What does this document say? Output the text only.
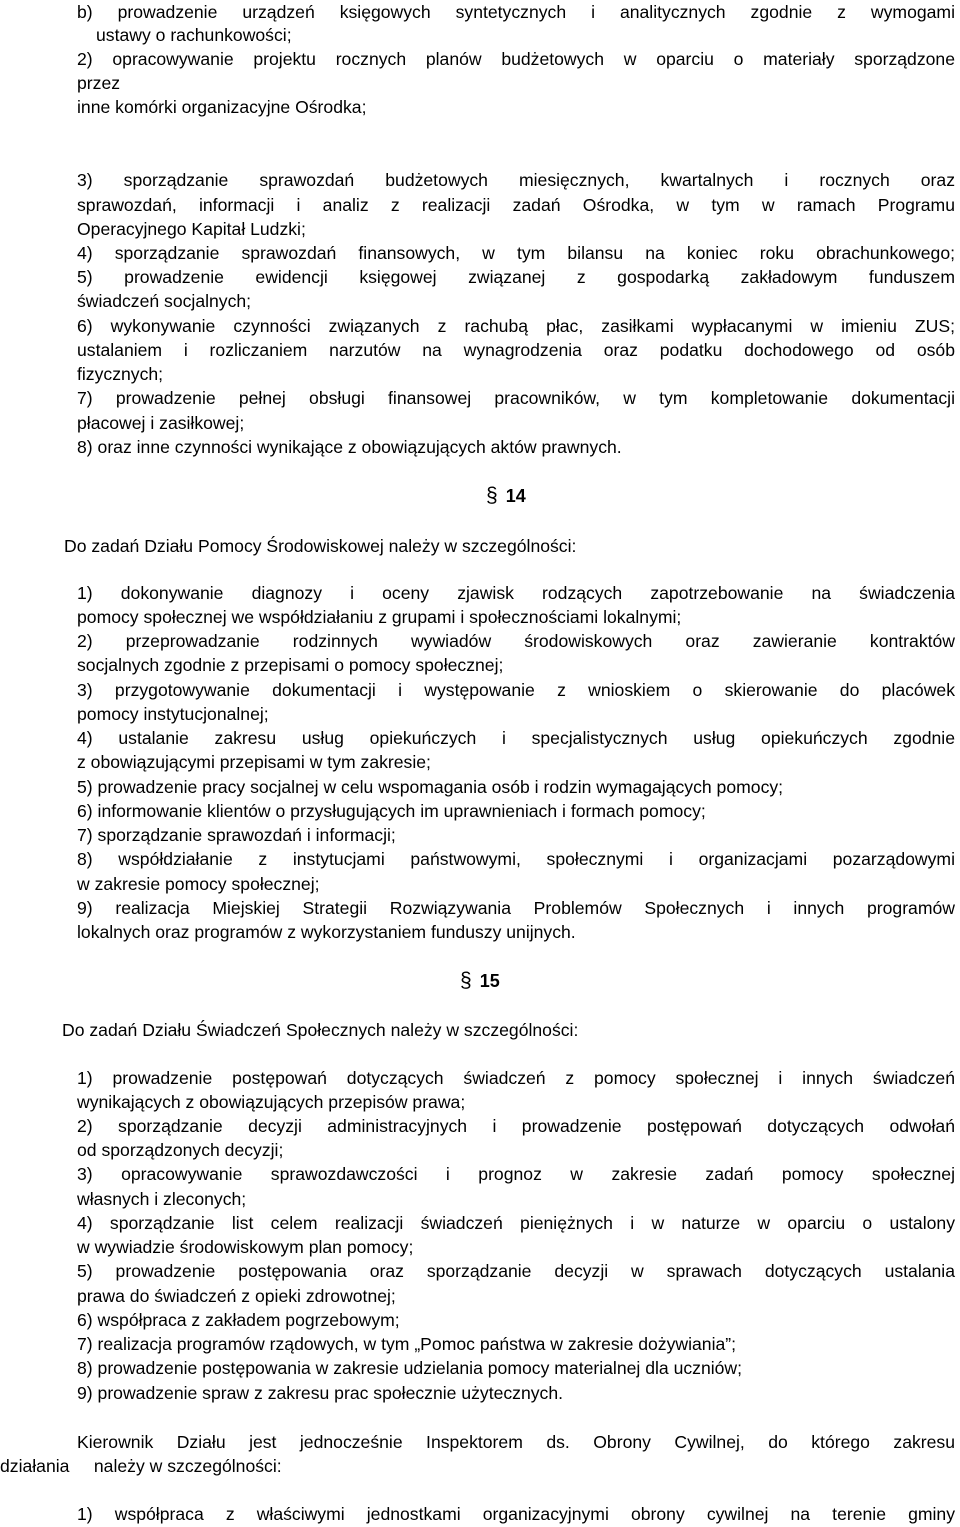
b) prowadzenie urządzeń księgowych syntetycznych i analitycznych zgodnie z wymogami
ustawy o rachunkowości;
2) opracowywanie projektu rocznych planów budżetowych w oparciu o materiały sporządzone
przez
inne komórki organizacyjne Ośrodka;
3) sporządzanie sprawozdań budżetowych miesięcznych, kwartalnych i rocznych oraz
sprawozdań, informacji i analiz z realizacji zadań Ośrodka, w tym w ramach Programu
Operacyjnego Kapitał Ludzki;
4) sporządzanie sprawozdań finansowych, w tym bilansu na koniec roku obrachunkowego;
5) prowadzenie ewidencji księgowej związanej z gospodarką zakładowym funduszem
świadczeń socjalnych;
6) wykonywanie czynności związanych z rachubą płac, zasiłkami wypłacanymi w imieniu ZUS;
ustalaniem i rozliczaniem narzutów na wynagrodzenia oraz podatku dochodowego od osób
fizycznych;
7) prowadzenie pełnej obsługi finansowej pracowników, w tym kompletowanie dokumentacji
płacowej i zasiłkowej;
8) oraz inne czynności wynikające z obowiązujących aktów prawnych.
§ 14
Do zadań Działu Pomocy Środowiskowej należy w szczególności:
1) dokonywanie diagnozy i oceny zjawisk rodzących zapotrzebowanie na świadczenia
pomocy społecznej we współdziałaniu z grupami i społecznościami lokalnymi;
2) przeprowadzanie rodzinnych wywiadów środowiskowych oraz zawieranie kontraktów
socjalnych zgodnie z przepisami o pomocy społecznej;
3) przygotowywanie dokumentacji i występowanie z wnioskiem o skierowanie do placówek
pomocy instytucjonalnej;
4) ustalanie zakresu usług opiekuńczych i specjalistycznych usług opiekuńczych zgodnie
z obowiązującymi przepisami w tym zakresie;
5) prowadzenie pracy socjalnej w celu wspomagania osób i rodzin wymagających pomocy;
6) informowanie klientów o przysługujących im uprawnieniach i formach pomocy;
7) sporządzanie sprawozdań i informacji;
8) współdziałanie z instytucjami państwowymi, społecznymi i organizacjami pozarządowymi
w zakresie pomocy społecznej;
9) realizacja Miejskiej Strategii Rozwiązywania Problemów Społecznych i innych programów
lokalnych oraz programów z wykorzystaniem funduszy unijnych.
§ 15
Do zadań Działu Świadczeń Społecznych należy w szczególności:
1) prowadzenie postępowań dotyczących świadczeń z pomocy społecznej i innych świadczeń
wynikających z obowiązujących przepisów prawa;
2) sporządzanie decyzji administracyjnych i prowadzenie postępowań dotyczących odwołań
od sporządzonych decyzji;
3) opracowywanie sprawozdawczości i prognoz w zakresie zadań pomocy społecznej
własnych i zleconych;
4) sporządzanie list celem realizacji świadczeń pieniężnych i w naturze w oparciu o ustalony
w wywiadzie środowiskowym plan pomocy;
5) prowadzenie postępowania oraz sporządzanie decyzji w sprawach dotyczących ustalania
prawa do świadczeń z opieki zdrowotnej;
6) współpraca z zakładem pogrzebowym;
7) realizacja programów rządowych, w tym „Pomoc państwa w zakresie dożywiania”;
8) prowadzenie postępowania w zakresie udzielania pomocy materialnej dla uczniów;
9) prowadzenie spraw z zakresu prac społecznie użytecznych.
Kierownik Działu jest jednocześnie Inspektorem ds. Obrony Cywilnej, do którego zakresu
działania     należy w szczególności:
1) współpraca z właściwymi jednostkami organizacyjnymi obrony cywilnej na terenie gminy
